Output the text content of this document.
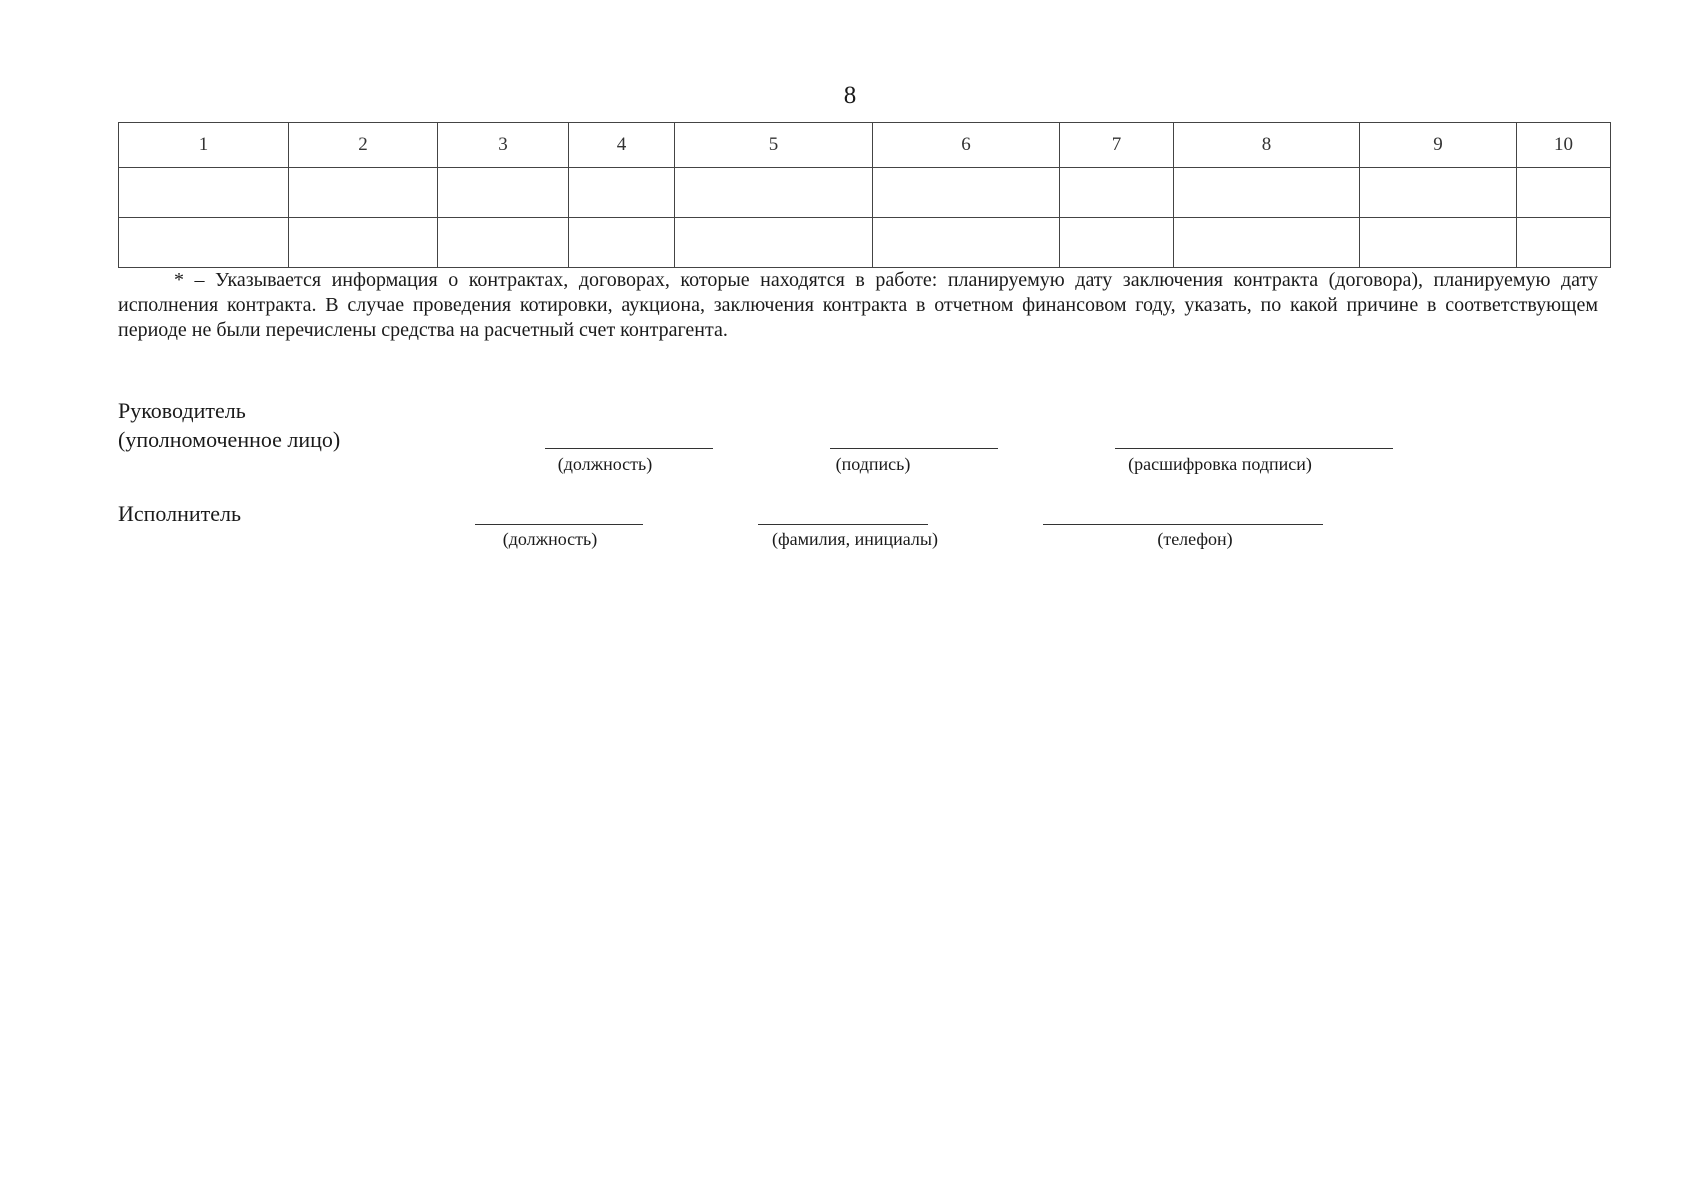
8
1	2	3	4	5	6	7	8	9	10

* – Указывается информация о контрактах, договорах, которые находятся в работе: планируемую дату заключения контракта (договора), планируемую дату исполнения контракта. В случае проведения котировки, аукциона, заключения контракта в отчетном финансовом году, указать, по какой причине в соответствующем периоде не были перечислены средства на расчетный счет контрагента.

Руководитель
(уполномоченное лицо)
(должность)	(подпись)	(расшифровка подписи)
Исполнитель
(должность)	(фамилия, инициалы)	(телефон)
